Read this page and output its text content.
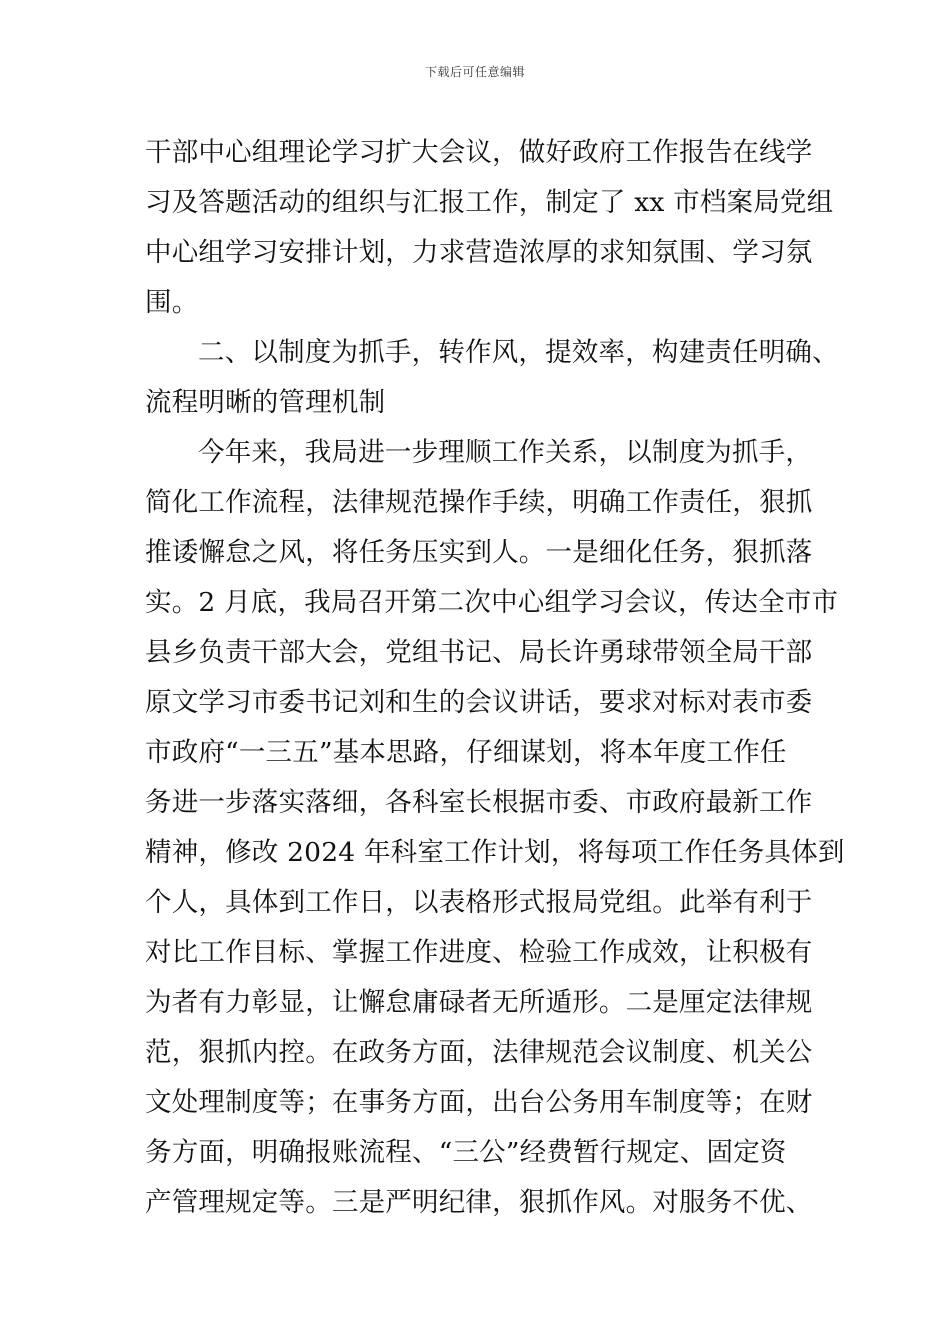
下载后可任意编辑
干部中心组理论学习扩大会议，做好政府工作报告在线学
习及答题活动的组织与汇报工作，制定了 xx 市档案局党组
中心组学习安排计划，力求营造浓厚的求知氛围、学习氛
围。
二、以制度为抓手，转作风，提效率，构建责任明确、
流程明晰的管理机制
今年来，我局进一步理顺工作关系，以制度为抓手，
简化工作流程，法律规范操作手续，明确工作责任，狠抓
推诿懈怠之风，将任务压实到人。一是细化任务，狠抓落
实。2 月底，我局召开第二次中心组学习会议，传达全市市
县乡负责干部大会，党组书记、局长许勇球带领全局干部
原文学习市委书记刘和生的会议讲话，要求对标对表市委
市政府“一三五”基本思路，仔细谋划，将本年度工作任
务进一步落实落细，各科室长根据市委、市政府最新工作
精神，修改 2024 年科室工作计划，将每项工作任务具体到
个人，具体到工作日，以表格形式报局党组。此举有利于
对比工作目标、掌握工作进度、检验工作成效，让积极有
为者有力彰显，让懈怠庸碌者无所遁形。二是厘定法律规
范，狠抓内控。在政务方面，法律规范会议制度、机关公
文处理制度等；在事务方面，出台公务用车制度等；在财
务方面，明确报账流程、“三公”经费暂行规定、固定资
产管理规定等。三是严明纪律，狠抓作风。对服务不优、
